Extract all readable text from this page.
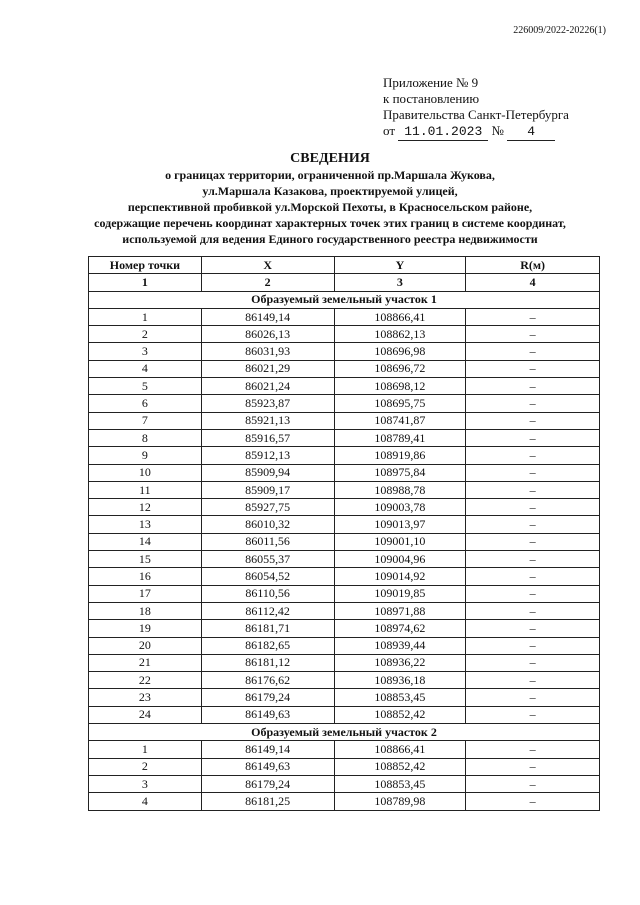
226009/2022-20226(1)
Приложение № 9
к постановлению
Правительства Санкт-Петербурга
от 11.01.2023 № 4
СВЕДЕНИЯ
о границах территории, ограниченной пр.Маршала Жукова,
ул.Маршала Казакова, проектируемой улицей,
перспективной пробивкой ул.Морской Пехоты, в Красносельском районе,
содержащие перечень координат характерных точек этих границ в системе координат,
используемой для ведения Единого государственного реестра недвижимости
Номер точки	X	Y	R(м)
1	2	3	4
Образуемый земельный участок 1			
1	86149,14	108866,41	–
2	86026,13	108862,13	–
3	86031,93	108696,98	–
4	86021,29	108696,72	–
5	86021,24	108698,12	–
6	85923,87	108695,75	–
7	85921,13	108741,87	–
8	85916,57	108789,41	–
9	85912,13	108919,86	–
10	85909,94	108975,84	–
11	85909,17	108988,78	–
12	85927,75	109003,78	–
13	86010,32	109013,97	–
14	86011,56	109001,10	–
15	86055,37	109004,96	–
16	86054,52	109014,92	–
17	86110,56	109019,85	–
18	86112,42	108971,88	–
19	86181,71	108974,62	–
20	86182,65	108939,44	–
21	86181,12	108936,22	–
22	86176,62	108936,18	–
23	86179,24	108853,45	–
24	86149,63	108852,42	–
Образуемый земельный участок 2			
1	86149,14	108866,41	–
2	86149,63	108852,42	–
3	86179,24	108853,45	–
4	86181,25	108789,98	–
